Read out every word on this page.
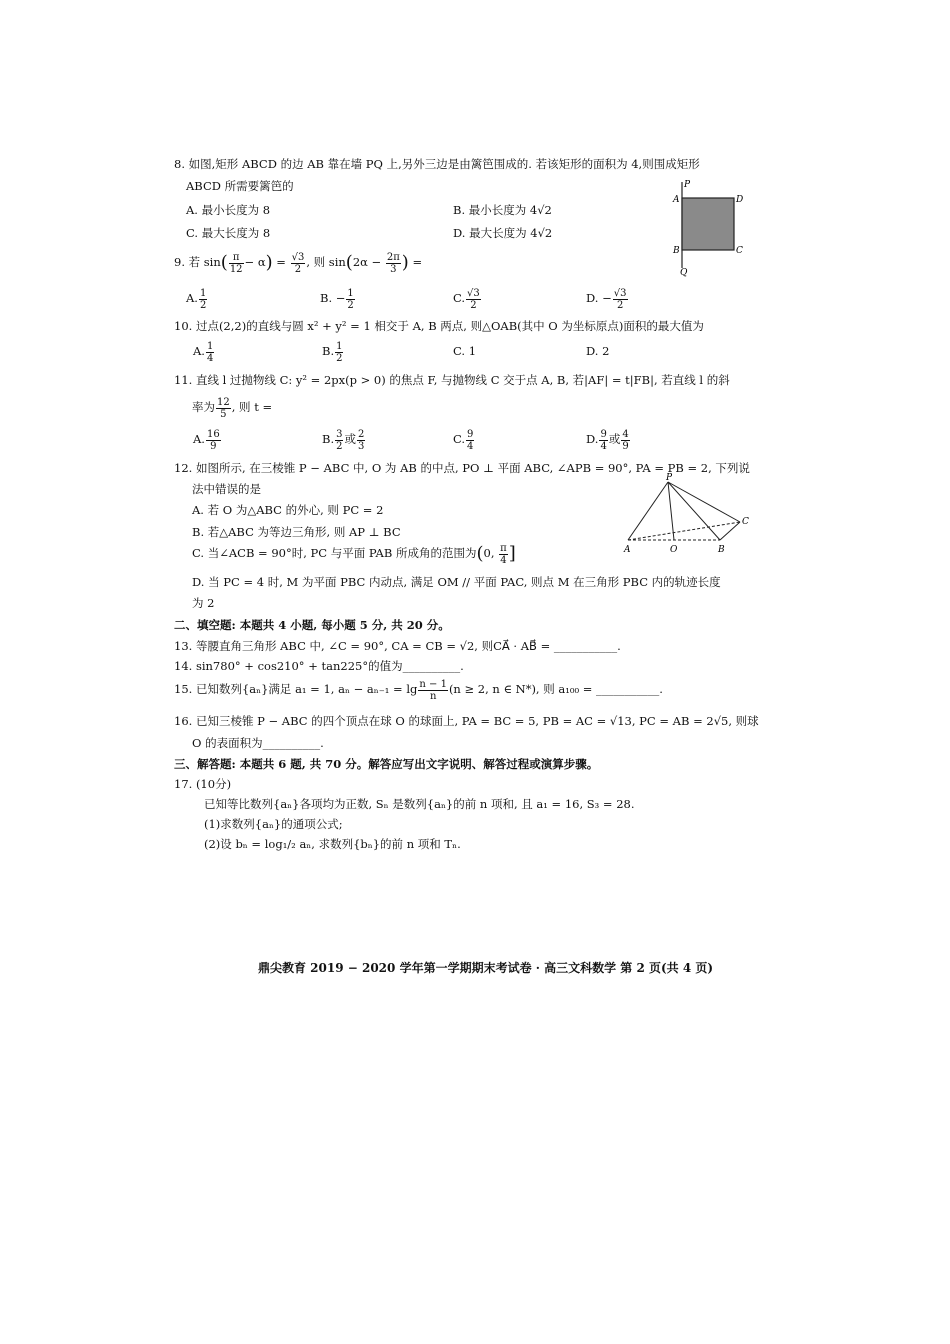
8. 如图,矩形 ABCD 的边 AB 靠在墙 PQ 上,另外三边是由篱笆围成的. 若该矩形的面积为 4,则围成矩形
ABCD 所需要篱笆的
A. 最小长度为 8	B. 最小长度为 4√2
C. 最大长度为 8	D. 最大长度为 4√2
P
A	D
B	C
Q
9. 若 $\sin( \frac{\pi}{12} - \alpha) = \frac{√3}{2}$ , 则 $\sin(2\alpha - \frac{2\pi}{3}$ ) =
A. $\frac{1}{2}$	B. − $\frac{1}{2}$	C. $\frac{√3}{2}$	D. − $\frac{√3}{2}$
10. 过点(2,2)的直线与圆 x² + y² = 1 相交于 A, B 两点, 则△OAB(其中 O 为坐标原点)面积的最大值为
A. $\frac{1}{4}$	B. $\frac{1}{2}$	C. 1	D. 2
11. 直线 l 过抛物线 C: y² = 2px(p > 0) 的焦点 F, 与抛物线 C 交于点 A, B, 若|AF| = t|FB|, 若直线 l 的斜
率为 $\frac{12}{5}$ , 则 t =
A. $\frac{16}{9}$	B. $\frac{3}{2}$ 或 $\frac{2}{3}$	C. $\frac{9}{4}$	D. $\frac{9}{4}$ 或 $\frac{4}{9}$
12. 如图所示, 在三棱锥 P − ABC 中, O 为 AB 的中点, PO ⊥ 平面 ABC, ∠APB = 90°, PA = PB = 2, 下列说
法中错误的是
A. 若 O 为△ABC 的外心, 则 PC = 2
B. 若△ABC 为等边三角形, 则 AP ⊥ BC
C. 当∠ACB = 90°时, PC 与平面 PAB 所成角的范围为(0, $\frac{\pi}{4}$ ]
D. 当 PC = 4 时, M 为平面 PBC 内动点, 满足 OM // 平面 PAC, 则点 M 在三角形 PBC 内的轨迹长度
为 2
P
A	O	B
C
二、填空题: 本题共 4 小题, 每小题 5 分, 共 20 分。
13. 等腰直角三角形 ABC 中, ∠C = 90°, CA = CB = √2, 则CA⃗ · AB⃗ = ___________.
14. sin780° + cos210° + tan225°的值为__________.
15. 已知数列{aₙ}满足 a₁ = 1, $a_n - a_{n-1} = \lg \frac{n - 1}{n} (n \ge 2$, n ∈ N*), 则 a₁₀₀ = ___________.
16. 已知三棱锥 P − ABC 的四个顶点在球 O 的球面上, PA = BC = 5, PB = AC = √13, PC = AB = 2√5, 则球
O 的表面积为__________.
三、解答题: 本题共 6 题, 共 70 分。解答应写出文字说明、解答过程或演算步骤。
17. (10分)
已知等比数列{aₙ}各项均为正数, Sₙ 是数列{aₙ}的前 n 项和, 且 a₁ = 16, S₃ = 28.
(1)求数列{aₙ}的通项公式;
(2)设 bₙ = log₁/₂ aₙ, 求数列{bₙ}的前 n 项和 Tₙ.
鼎尖教育 2019 − 2020 学年第一学期期末考试卷 · 高三文科数学 第 2 页(共 4 页)
